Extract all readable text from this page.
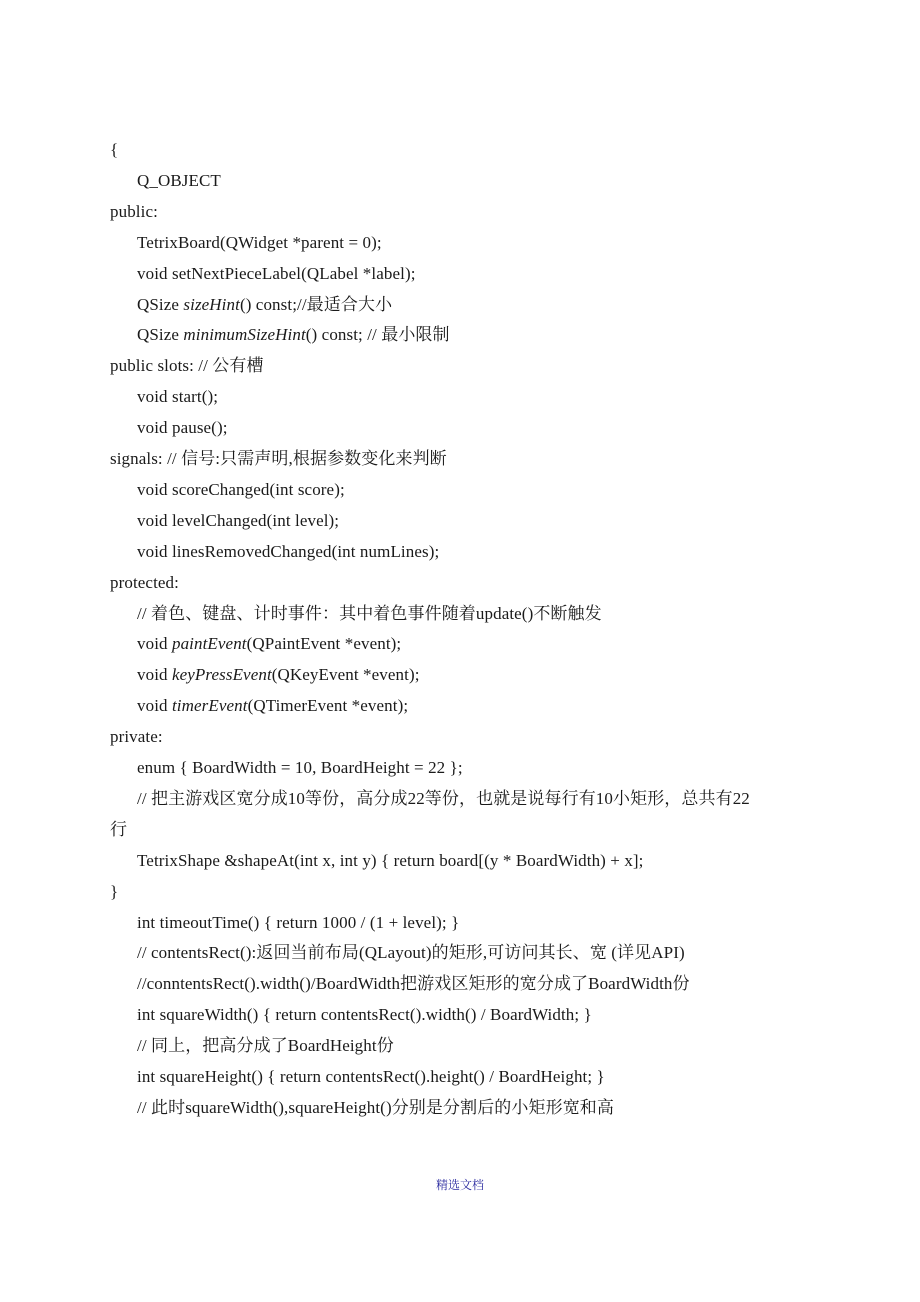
{
Q_OBJECT
public:
TetrixBoard(QWidget *parent = 0);
void setNextPieceLabel(QLabel *label);
QSize sizeHint() const;//最适合大小
QSize minimumSizeHint() const; // 最小限制
public slots: // 公有槽
void start();
void pause();
signals: // 信号:只需声明,根据参数变化来判断
void scoreChanged(int score);
void levelChanged(int level);
void linesRemovedChanged(int numLines);
protected:
// 着色、键盘、计时事件：其中着色事件随着update()不断触发
void paintEvent(QPaintEvent *event);
void keyPressEvent(QKeyEvent *event);
void timerEvent(QTimerEvent *event);
private:
enum { BoardWidth = 10, BoardHeight = 22 };
// 把主游戏区宽分成10等份，高分成22等份，也就是说每行有10小矩形，总共有22
行
TetrixShape &shapeAt(int x, int y) { return board[(y * BoardWidth) + x];
}
int timeoutTime() { return 1000 / (1 + level); }
// contentsRect():返回当前布局(QLayout)的矩形,可访问其长、宽 (详见API)
//conntentsRect().width()/BoardWidth把游戏区矩形的宽分成了BoardWidth份
int squareWidth() { return contentsRect().width() / BoardWidth; }
// 同上，把高分成了BoardHeight份
int squareHeight() { return contentsRect().height() / BoardHeight; }
// 此时squareWidth(),squareHeight()分别是分割后的小矩形宽和高
精选文档
